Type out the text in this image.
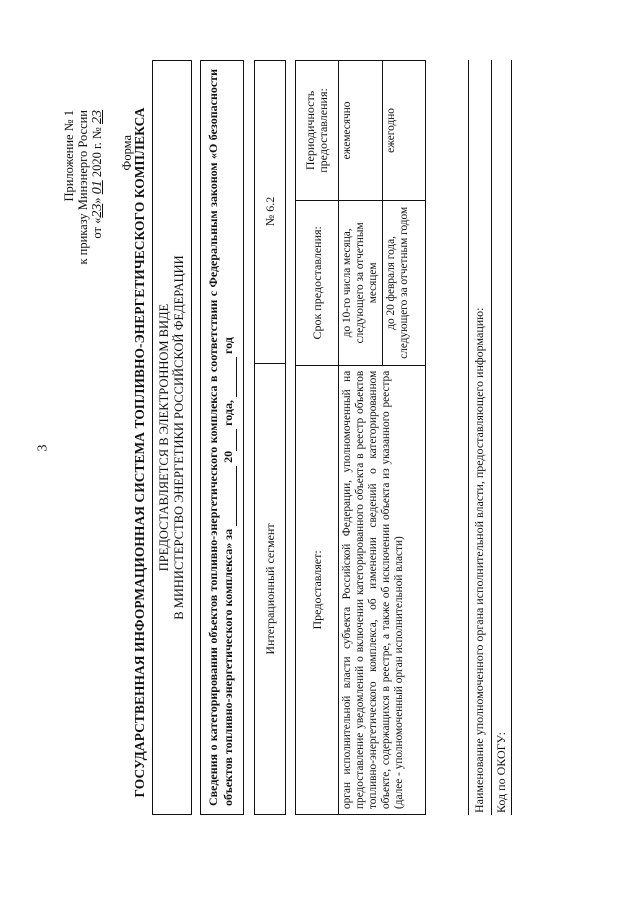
3
Приложение № 1 к приказу Минэнерго России от «23» 01 2020 г. № 23
Форма
ГОСУДАРСТВЕННАЯ ИНФОРМАЦИОННАЯ СИСТЕМА ТОПЛИВНО-ЭНЕРГЕТИЧЕСКОГО КОМПЛЕКСА ПРЕДОСТАВЛЯЕТСЯ В ЭЛЕКТРОННОМ ВИДЕ В МИНИСТЕРСТВО ЭНЕРГЕТИКИ РОССИЙСКОЙ ФЕДЕРАЦИИ	Сведения о категорировании объектов топливно-энергетического комплекса в соответствии с Федеральным законом «О безопасности объектов топливно-энергетического комплекса» за   20  года,   год
Интеграционный сегмент
№ 6.2
Предоставляет:	Срок предоставления:	Периодичность предоставления:
орган исполнительной власти субъекта Российской Федерации, уполномоченный на предоставление уведомлений о включении категорированного объекта в реестр объектов топливно-энергетического комплекса, об изменении сведений о категорированном объекте, содержащихся в реестре, а также об исключении объекта из указанного реестра (далее - уполномоченный орган исполнительной власти)	до 10-го числа месяца, следующего за отчетным месяцем	ежемесячно
	до 20 февраля года, следующего за отчетным годом	ежегодно
Наименование уполномоченного органа исполнительной власти, предоставляющего информацию: Код по ОКОГУ:
